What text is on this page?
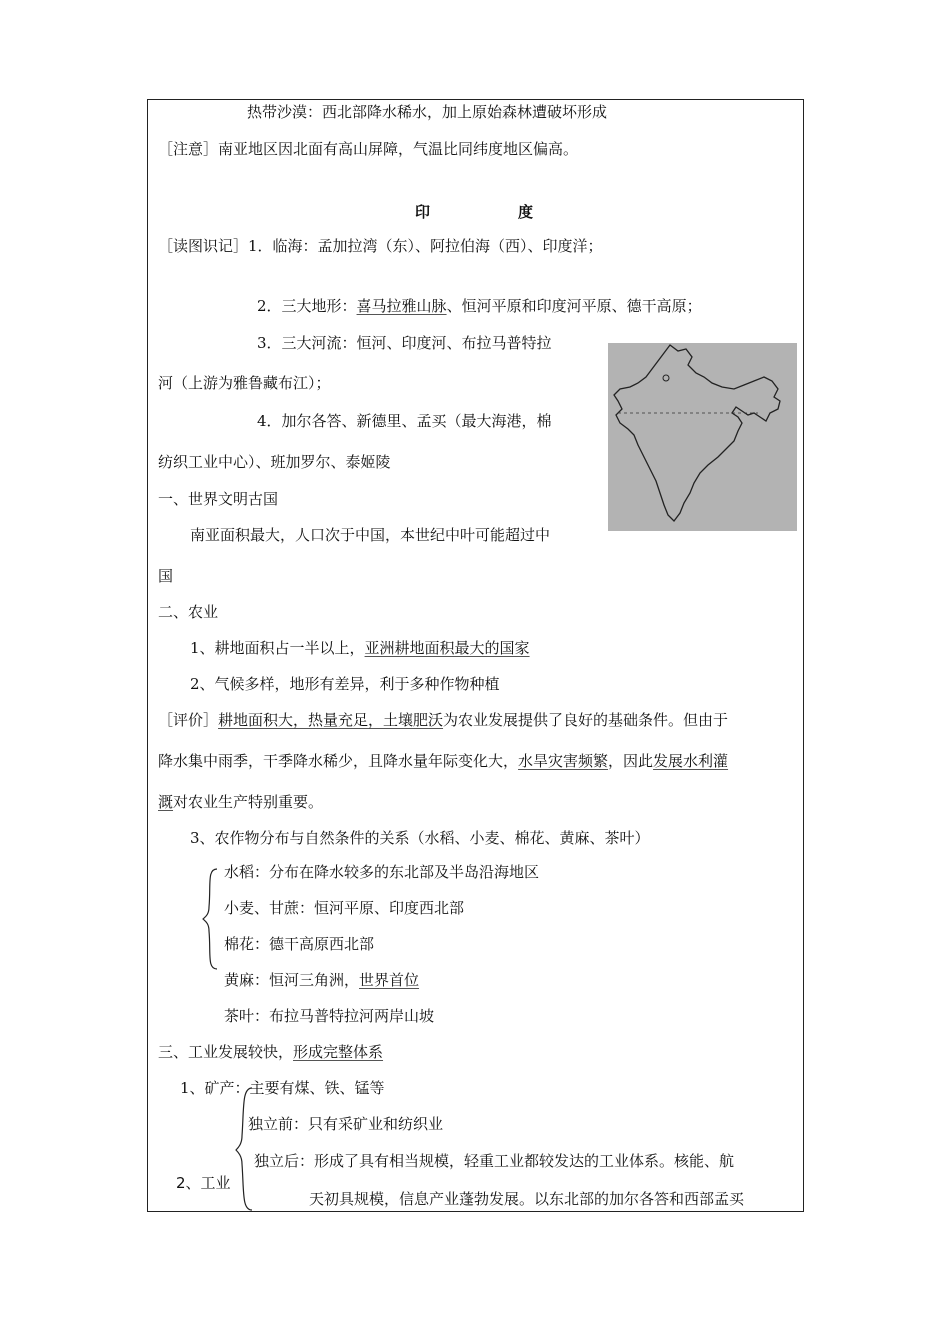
热带沙漠：西北部降水稀水，加上原始森林遭破坏形成
［注意］南亚地区因北面有高山屏障，气温比同纬度地区偏高。
印	度
［读图识记］1．临海：孟加拉湾（东）、阿拉伯海（西）、印度洋；
2．三大地形：喜马拉雅山脉、恒河平原和印度河平原、德干高原；
3．三大河流：恒河、印度河、布拉马普特拉
河（上游为雅鲁藏布江）；
4．加尔各答、新德里、孟买（最大海港，棉
纺织工业中心）、班加罗尔、泰姬陵
一、世界文明古国
南亚面积最大，人口次于中国，本世纪中叶可能超过中
国
二、农业
1、耕地面积占一半以上，亚洲耕地面积最大的国家
2、气候多样，地形有差异，利于多种作物种植
［评价］耕地面积大，热量充足，土壤肥沃为农业发展提供了良好的基础条件。但由于
降水集中雨季，干季降水稀少，且降水量年际变化大，水旱灾害频繁，因此发展水利灌
溉对农业生产特别重要。
3、农作物分布与自然条件的关系（水稻、小麦、棉花、黄麻、茶叶）
水稻：分布在降水较多的东北部及半岛沿海地区
小麦、甘蔗：恒河平原、印度西北部
棉花：德干高原西北部
黄麻：恒河三角洲，世界首位
茶叶：布拉马普特拉河两岸山坡
三、工业发展较快，形成完整体系
1、矿产：主要有煤、铁、锰等
独立前：只有采矿业和纺织业
独立后：形成了具有相当规模，轻重工业都较发达的工业体系。核能、航
2、工业
天初具规模，信息产业蓬勃发展。以东北部的加尔各答和西部孟买
